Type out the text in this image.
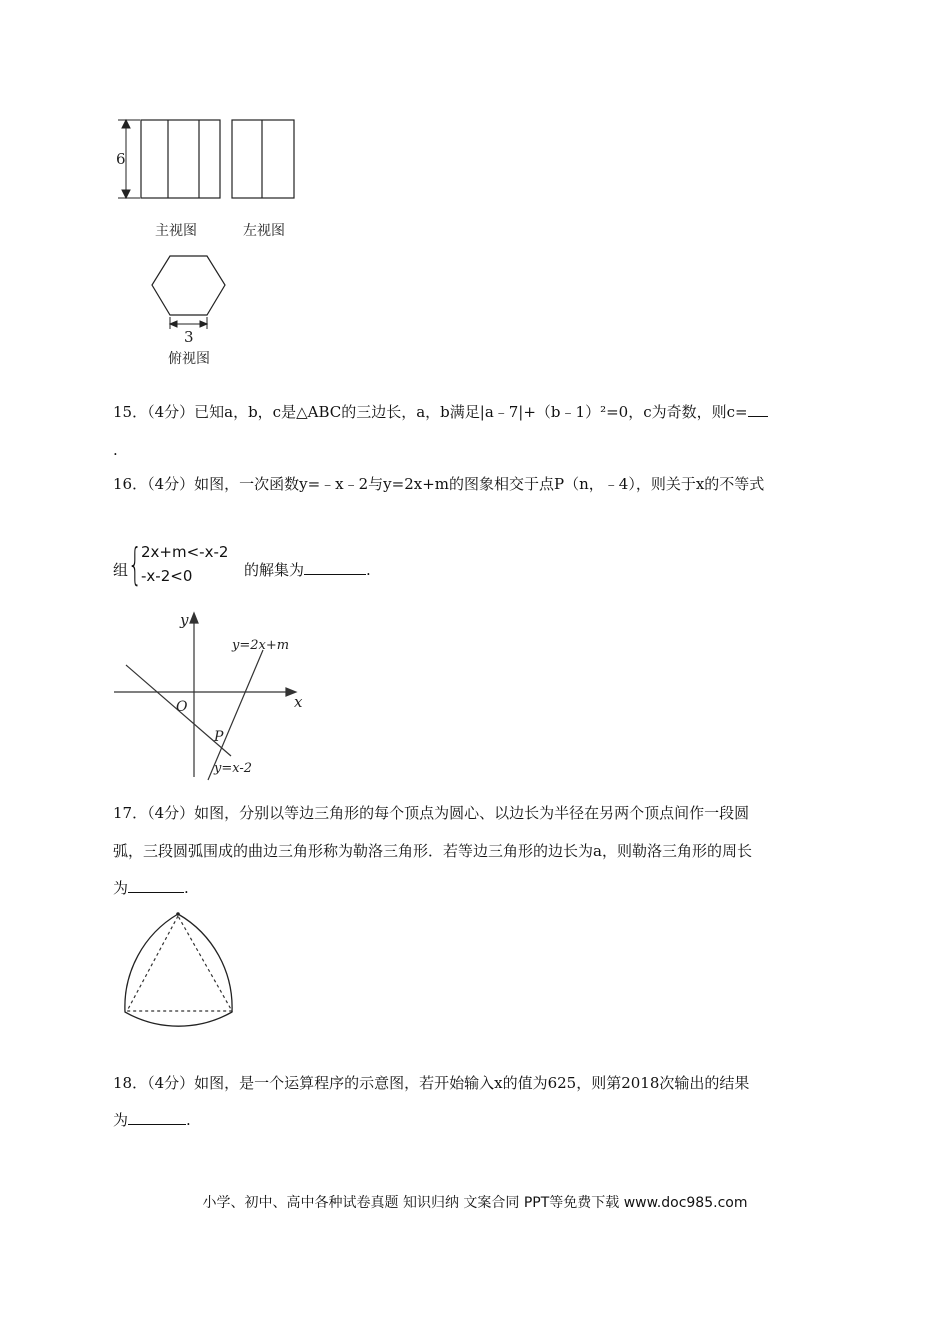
6
3
主视图	左视图
俯视图
15．（4分）已知a，b，c是△ABC的三边长，a，b满足|a﹣7|+（b﹣1）²=0，c为奇数，则c=
.
16．（4分）如图，一次函数y=﹣x﹣2与y=2x+m的图象相交于点P（n，﹣4），则关于x的不等式
组 { 2x+m<-x-2
-x-2<0	的解集为	.
y
x
O
P
y=2x+m
y=x-2
17．（4分）如图，分别以等边三角形的每个顶点为圆心、以边长为半径在另两个顶点间作一段圆
弧，三段圆弧围成的曲边三角形称为勒洛三角形．若等边三角形的边长为a，则勒洛三角形的周长
为	.
18．（4分）如图，是一个运算程序的示意图，若开始输入x的值为625，则第2018次输出的结果
为	.
小学、初中、高中各种试卷真题 知识归纳 文案合同 PPT等免费下载 www.doc985.com
